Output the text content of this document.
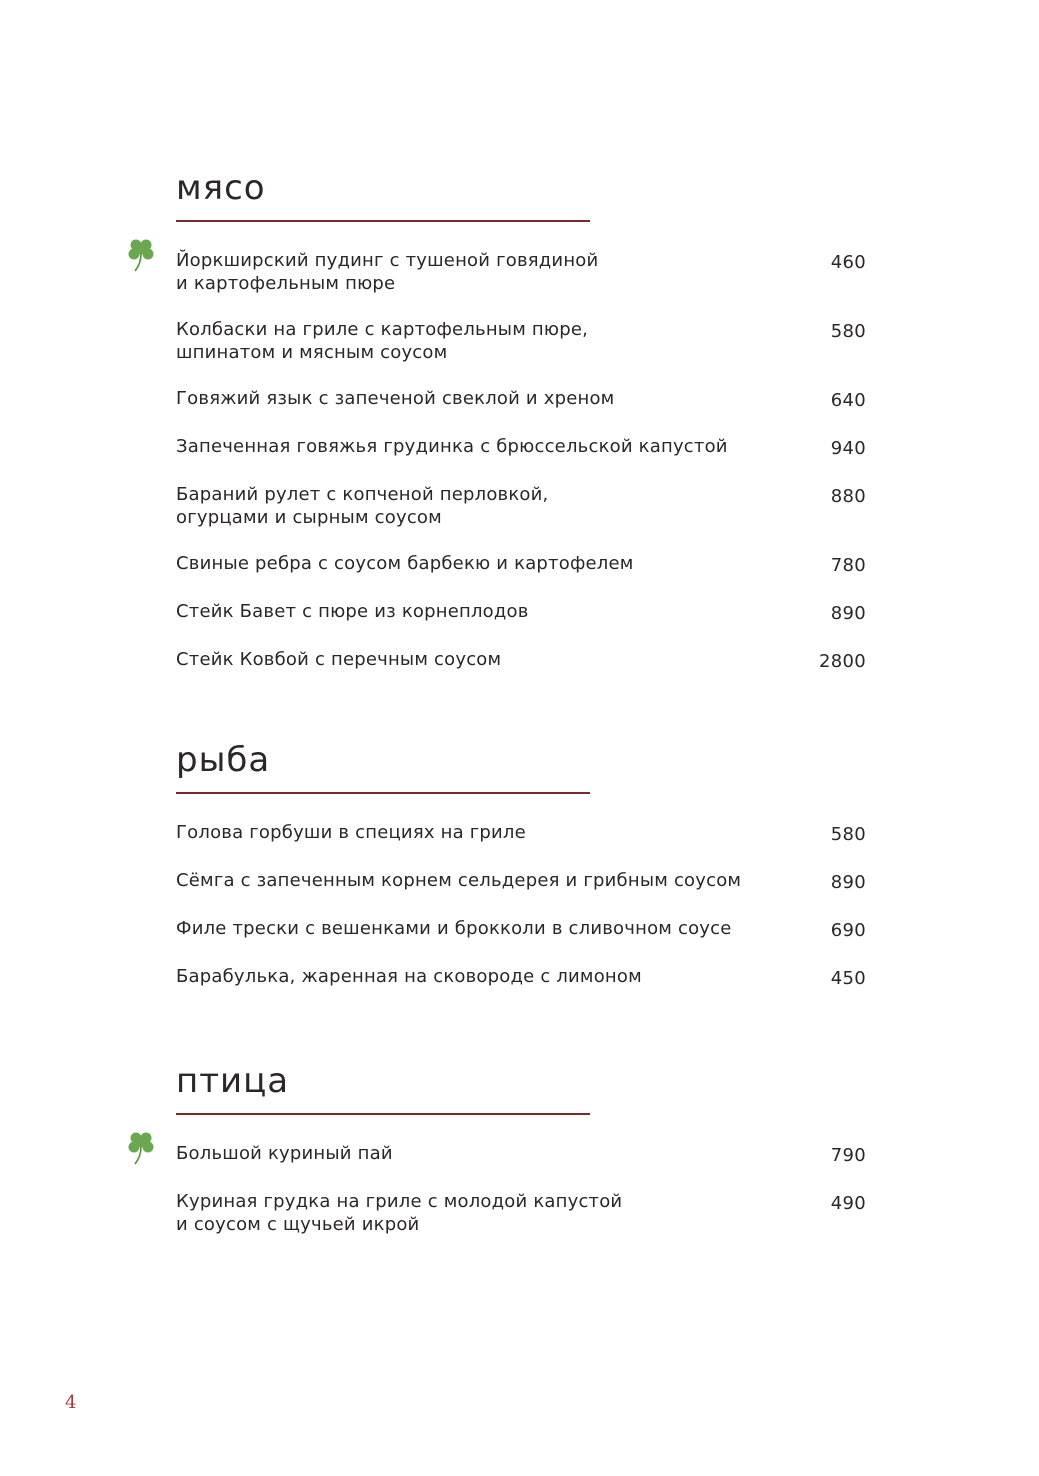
мясо
Йоркширский пудинг с тушеной говядиной
и картофельным пюре
460
Колбаски на гриле с картофельным пюре,
шпинатом и мясным соусом
580
Говяжий язык с запеченой свеклой и хреном	640
Запеченная говяжья грудинка с брюссельской капустой	940
Бараний рулет с копченой перловкой,
огурцами и сырным соусом
880
Свиные ребра с соусом барбекю и картофелем	780
Стейк Бавет с пюре из корнеплодов	890
Стейк Ковбой с перечным соусом	2800
рыба
Голова горбуши в специях на гриле	580
Сёмга с запеченным корнем сельдерея и грибным соусом	890
Филе трески с вешенками и брокколи в сливочном соусе	690
Барабулька, жаренная на сковороде с лимоном	450
птица
Большой куриный пай	790
Куриная грудка на гриле с молодой капустой
и соусом с щучьей икрой
490
4
